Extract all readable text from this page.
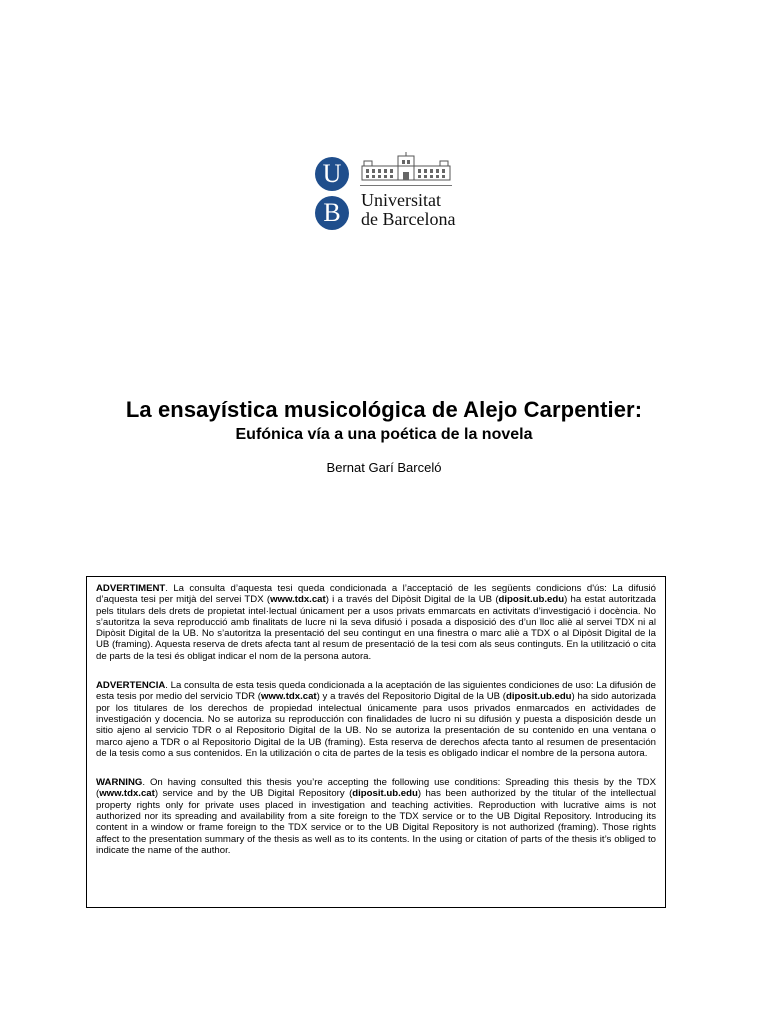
U
B	Universitat
de Barcelona
La ensayística musicológica de Alejo Carpentier:
Eufónica vía a una poética de la novela
Bernat Garí Barceló

ADVERTIMENT. La consulta d’aquesta tesi queda condicionada a l’acceptació de les següents condicions d'ús: La difusió d’aquesta tesi per mitjà del servei TDX (www.tdx.cat) i a través del Dipòsit Digital de la UB (diposit.ub.edu) ha estat autoritzada pels titulars dels drets de propietat intel·lectual únicament per a usos privats emmarcats en activitats d’investigació i docència. No s’autoritza la seva reproducció amb finalitats de lucre ni la seva difusió i posada a disposició des d’un lloc aliè al servei TDX ni al Dipòsit Digital de la UB. No s’autoritza la presentació del seu contingut en una finestra o marc aliè a TDX o al Dipòsit Digital de la UB (framing). Aquesta reserva de drets afecta tant al resum de presentació de la tesi com als seus continguts. En la utilització o cita de parts de la tesi és obligat indicar el nom de la persona autora.

ADVERTENCIA. La consulta de esta tesis queda condicionada a la aceptación de las siguientes condiciones de uso: La difusión de esta tesis por medio del servicio TDR (www.tdx.cat) y a través del Repositorio Digital de la UB (diposit.ub.edu) ha sido autorizada por los titulares de los derechos de propiedad intelectual únicamente para usos privados enmarcados en actividades de investigación y docencia. No se autoriza su reproducción con finalidades de lucro ni su difusión y puesta a disposición desde un sitio ajeno al servicio TDR o al Repositorio Digital de la UB. No se autoriza la presentación de su contenido en una ventana o marco ajeno a TDR o al Repositorio Digital de la UB (framing). Esta reserva de derechos afecta tanto al resumen de presentación de la tesis como a sus contenidos. En la utilización o cita de partes de la tesis es obligado indicar el nombre de la persona autora.

WARNING. On having consulted this thesis you’re accepting the following use conditions: Spreading this thesis by the TDX (www.tdx.cat) service and by the UB Digital Repository (diposit.ub.edu) has been authorized by the titular of the intellectual property rights only for private uses placed in investigation and teaching activities. Reproduction with lucrative aims is not authorized nor its spreading and availability from a site foreign to the TDX service or to the UB Digital Repository. Introducing its content in a window or frame foreign to the TDX service or to the UB Digital Repository is not authorized (framing). Those rights affect to the presentation summary of the thesis as well as to its contents. In the using or citation of parts of the thesis it’s obliged to indicate the name of the author.
